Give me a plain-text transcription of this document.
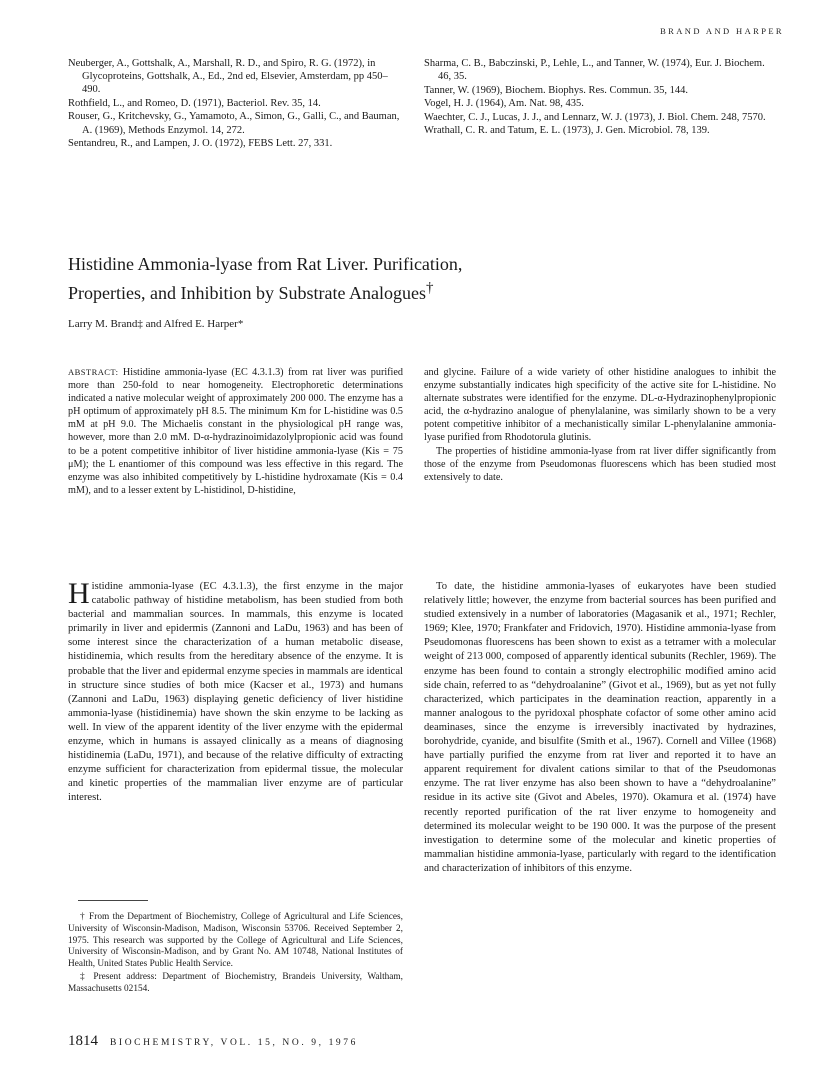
BRAND AND HARPER

Neuberger, A., Gottshalk, A., Marshall, R. D., and Spiro, R. G. (1972), in Glycoproteins, Gottshalk, A., Ed., 2nd ed, Elsevier, Amsterdam, pp 450–490.

Rothfield, L., and Romeo, D. (1971), Bacteriol. Rev. 35, 14.

Rouser, G., Kritchevsky, G., Yamamoto, A., Simon, G., Galli, C., and Bauman, A. (1969), Methods Enzymol. 14, 272.

Sentandreu, R., and Lampen, J. O. (1972), FEBS Lett. 27, 331.

Sharma, C. B., Babczinski, P., Lehle, L., and Tanner, W. (1974), Eur. J. Biochem. 46, 35.

Tanner, W. (1969), Biochem. Biophys. Res. Commun. 35, 144.

Vogel, H. J. (1964), Am. Nat. 98, 435.

Waechter, C. J., Lucas, J. J., and Lennarz, W. J. (1973), J. Biol. Chem. 248, 7570.

Wrathall, C. R. and Tatum, E. L. (1973), J. Gen. Microbiol. 78, 139.

Histidine Ammonia-lyase from Rat Liver. Purification,
Properties, and Inhibition by Substrate Analogues†
Larry M. Brand‡ and Alfred E. Harper*

ABSTRACT: Histidine ammonia-lyase (EC 4.3.1.3) from rat liver was purified more than 250-fold to near homogeneity. Electrophoretic determinations indicated a native molecular weight of approximately 200 000. The enzyme has a pH optimum of approximately pH 8.5. The minimum Km for L-histidine was 0.5 mM at pH 9.0. The Michaelis constant in the physiological pH range was, however, more than 2.0 mM. D-α-hydrazinoimidazolylpropionic acid was found to be a potent competitive inhibitor of liver histidine ammonia-lyase (Kis = 75 μM); the L enantiomer of this compound was less effective in this regard. The enzyme was also inhibited competitively by L-histidine hydroxamate (Kis = 0.4 mM), and to a lesser extent by L-histidinol, D-histidine,

and glycine. Failure of a wide variety of other histidine analogues to inhibit the enzyme substantially indicates high specificity of the active site for L-histidine. No alternate substrates were identified for the enzyme. DL-α-Hydrazinophenylpropionic acid, the α-hydrazino analogue of phenylalanine, was similarly shown to be a very potent competitive inhibitor of a mechanistically similar L-phenylalanine ammonia-lyase purified from Rhodotorula glutinis.

The properties of histidine ammonia-lyase from rat liver differ significantly from those of the enzyme from Pseudomonas fluorescens which has been studied most extensively to date.

Histidine ammonia-lyase (EC 4.3.1.3), the first enzyme in the major catabolic pathway of histidine metabolism, has been studied from both bacterial and mammalian sources. In mammals, this enzyme is located primarily in liver and epidermis (Zannoni and LaDu, 1963) and has been of some interest since the characterization of a human metabolic disease, histidinemia, which results from the hereditary absence of the enzyme. It is probable that the liver and epidermal enzyme species in mammals are identical in structure since studies of both mice (Kacser et al., 1973) and humans (Zannoni and LaDu, 1963) displaying genetic deficiency of liver histidine ammonia-lyase (histidinemia) have shown the skin enzyme to be lacking as well. In view of the apparent identity of the liver enzyme with the epidermal enzyme, which in humans is assayed clinically as a means of diagnosing histidinemia (LaDu, 1971), and because of the relative difficulty of extracting enzyme sufficient for characterization from epidermal tissue, the molecular and kinetic properties of the mammalian liver enzyme are of particular interest.

To date, the histidine ammonia-lyases of eukaryotes have been studied relatively little; however, the enzyme from bacterial sources has been purified and studied extensively in a number of laboratories (Magasanik et al., 1971; Rechler, 1969; Klee, 1970; Frankfater and Fridovich, 1970). Histidine ammonia-lyase from Pseudomonas fluorescens has been shown to exist as a tetramer with a molecular weight of 213 000, composed of apparently identical subunits (Rechler, 1969). The enzyme has been found to contain a strongly electrophilic modified amino acid side chain, referred to as “dehydroalanine” (Givot et al., 1969), but as yet not fully characterized, which participates in the deamination reaction, apparently in a manner analogous to the pyridoxal phosphate cofactor of some other amino acid deaminases, since the enzyme is irreversibly inactivated by hydrazines, borohydride, cyanide, and bisulfite (Smith et al., 1967). Cornell and Villee (1968) have partially purified the enzyme from rat liver and reported it to have an apparent requirement for divalent cations similar to that of the Pseudomonas enzyme. The rat liver enzyme has also been shown to have a “dehydroalanine” residue in its active site (Givot and Abeles, 1970). Okamura et al. (1974) have recently reported purification of the rat liver enzyme to homogeneity and determined its molecular weight to be 190 000. It was the purpose of the present investigation to determine some of the molecular and kinetic properties of mammalian histidine ammonia-lyase, particularly with regard to the identification and characterization of inhibitors of this enzyme.

† From the Department of Biochemistry, College of Agricultural and Life Sciences, University of Wisconsin-Madison, Madison, Wisconsin 53706. Received September 2, 1975. This research was supported by the College of Agricultural and Life Sciences, University of Wisconsin-Madison, and by Grant No. AM 10748, National Institutes of Health, United States Public Health Service.

‡ Present address: Department of Biochemistry, Brandeis University, Waltham, Massachusetts 02154.

1814 BIOCHEMISTRY, VOL. 15, NO. 9, 1976
